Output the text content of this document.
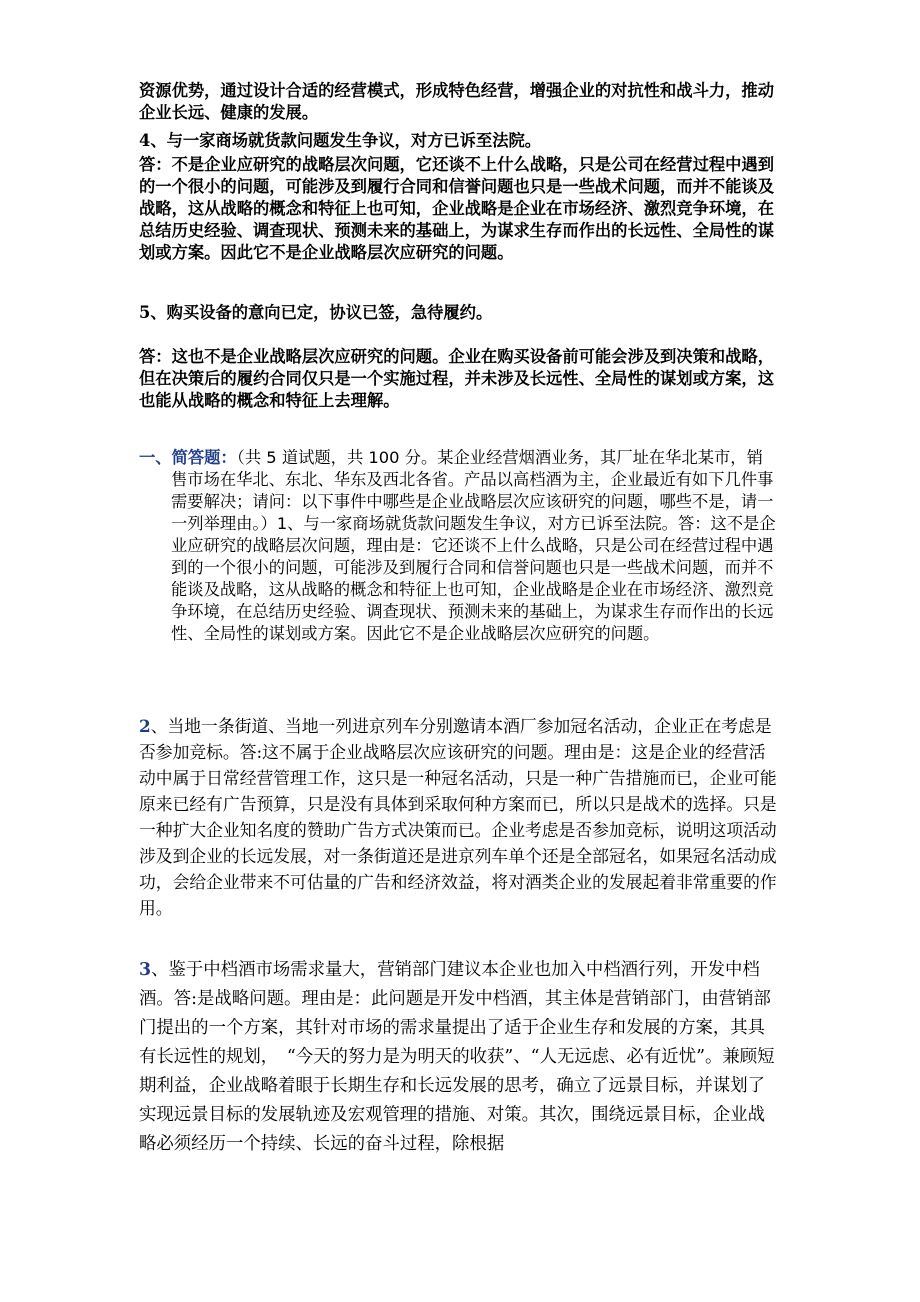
资源优势，通过设计合适的经营模式，形成特色经营，增强企业的对抗性和战斗力，推动企业长远、健康的发展。

4、与一家商场就货款问题发生争议，对方已诉至法院。

答：不是企业应研究的战略层次问题，它还谈不上什么战略，只是公司在经营过程中遇到的一个很小的问题，可能涉及到履行合同和信誉问题也只是一些战术问题，而并不能谈及战略，这从战略的概念和特征上也可知，企业战略是企业在市场经济、激烈竞争环境，在总结历史经验、调查现状、预测未来的基础上，为谋求生存而作出的长远性、全局性的谋划或方案。因此它不是企业战略层次应研究的问题。

5、购买设备的意向已定，协议已签，急待履约。

答：这也不是企业战略层次应研究的问题。企业在购买设备前可能会涉及到决策和战略，但在决策后的履约合同仅只是一个实施过程，并未涉及长远性、全局性的谋划或方案，这也能从战略的概念和特征上去理解。

一、简答题：（共 5 道试题，共 100 分。某企业经营烟酒业务，其厂址在华北某市，销售市场在华北、东北、华东及西北各省。产品以高档酒为主，企业最近有如下几件事需要解决；请问：以下事件中哪些是企业战略层次应该研究的问题，哪些不是，请一一列举理由。）1、与一家商场就货款问题发生争议，对方已诉至法院。答：这不是企业应研究的战略层次问题，理由是：它还谈不上什么战略，只是公司在经营过程中遇到的一个很小的问题，可能涉及到履行合同和信誉问题也只是一些战术问题，而并不能谈及战略，这从战略的概念和特征上也可知，企业战略是企业在市场经济、激烈竞争环境，在总结历史经验、调查现状、预测未来的基础上，为谋求生存而作出的长远性、全局性的谋划或方案。因此它不是企业战略层次应研究的问题。

2、当地一条街道、当地一列进京列车分别邀请本酒厂参加冠名活动，企业正在考虑是否参加竞标。答:这不属于企业战略层次应该研究的问题。理由是：这是企业的经营活动中属于日常经营管理工作，这只是一种冠名活动，只是一种广告措施而已，企业可能原来已经有广告预算，只是没有具体到采取何种方案而已，所以只是战术的选择。只是一种扩大企业知名度的赞助广告方式决策而已。企业考虑是否参加竞标，说明这项活动涉及到企业的长远发展，对一条街道还是进京列车单个还是全部冠名，如果冠名活动成功，会给企业带来不可估量的广告和经济效益，将对酒类企业的发展起着非常重要的作用。

3、鉴于中档酒市场需求量大，营销部门建议本企业也加入中档酒行列，开发中档酒。答:是战略问题。理由是：此问题是开发中档酒，其主体是营销部门，由营销部门提出的一个方案，其针对市场的需求量提出了适于企业生存和发展的方案，其具有长远性的规划，　“今天的努力是为明天的收获”、“人无远虑、必有近忧”。兼顾短期利益，企业战略着眼于长期生存和长远发展的思考，确立了远景目标，并谋划了实现远景目标的发展轨迹及宏观管理的措施、对策。其次，围绕远景目标，企业战略必须经历一个持续、长远的奋斗过程，除根据
